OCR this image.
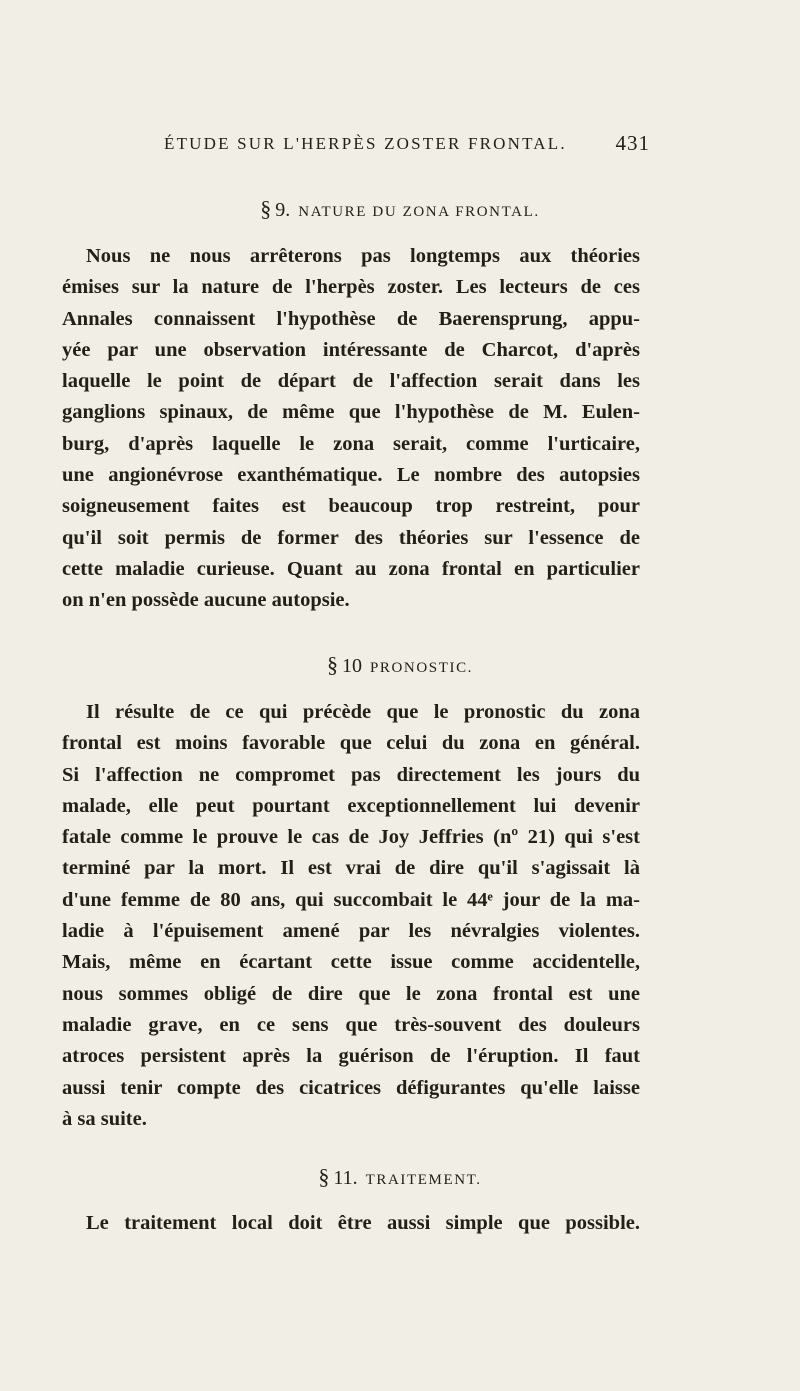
ÉTUDE SUR L'HERPÈS ZOSTER FRONTAL. 431
§ 9. NATURE DU ZONA FRONTAL.
Nous ne nous arrêterons pas longtemps aux théories
émises sur la nature de l'herpès zoster. Les lecteurs de ces
Annales connaissent l'hypothèse de Baerensprung, appu-
yée par une observation intéressante de Charcot, d'après
laquelle le point de départ de l'affection serait dans les
ganglions spinaux, de même que l'hypothèse de M. Eulen-
burg, d'après laquelle le zona serait, comme l'urticaire,
une angionévrose exanthématique. Le nombre des autopsies
soigneusement faites est beaucoup trop restreint, pour
qu'il soit permis de former des théories sur l'essence de
cette maladie curieuse. Quant au zona frontal en particulier
on n'en possède aucune autopsie.
§ 10 PRONOSTIC.
Il résulte de ce qui précède que le pronostic du zona
frontal est moins favorable que celui du zona en général.
Si l'affection ne compromet pas directement les jours du
malade, elle peut pourtant exceptionnellement lui devenir
fatale comme le prouve le cas de Joy Jeffries (nº 21) qui s'est
terminé par la mort. Il est vrai de dire qu'il s'agissait là
d'une femme de 80 ans, qui succombait le 44ᵉ jour de la ma-
ladie à l'épuisement amené par les névralgies violentes.
Mais, même en écartant cette issue comme accidentelle,
nous sommes obligé de dire que le zona frontal est une
maladie grave, en ce sens que très-souvent des douleurs
atroces persistent après la guérison de l'éruption. Il faut
aussi tenir compte des cicatrices défigurantes qu'elle laisse
à sa suite.
§ 11. TRAITEMENT.
Le traitement local doit être aussi simple que possible.
